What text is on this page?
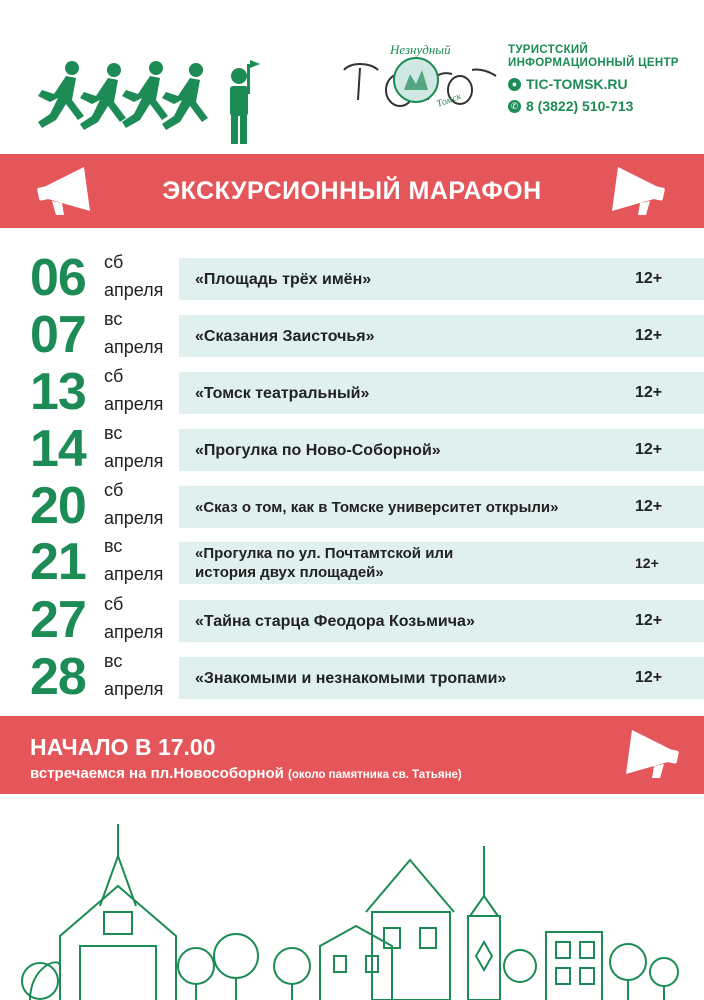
Незнудный
Томск
ТУРИСТСКИЙ
ИНФОРМАЦИОННЫЙ ЦЕНТР
● TIC-TOMSK.RU
✆ 8 (3822) 510-713
ЭКСКУРСИОННЫЙ МАРАФОН
06 сб
апреля
«Площадь трёх имён»	12+
07 вс
апреля
«Сказания Заисточья»	12+
13 сб
апреля
«Томск театральный»	12+
14 вс
апреля
«Прогулка по Ново-Соборной»	12+
20 сб
апреля
«Сказ о том, как в Томске университет открыли»	12+
21 вс
апреля
«Прогулка по ул. Почтамтской или
история двух площадей»
12+
27 сб
апреля
«Тайна старца Феодора Козьмича»	12+
28 вс
апреля
«Знакомыми и незнакомыми тропами»	12+
НАЧАЛО В 17.00
встречаемся на пл.Новособорной (около памятника св. Татьяне)
